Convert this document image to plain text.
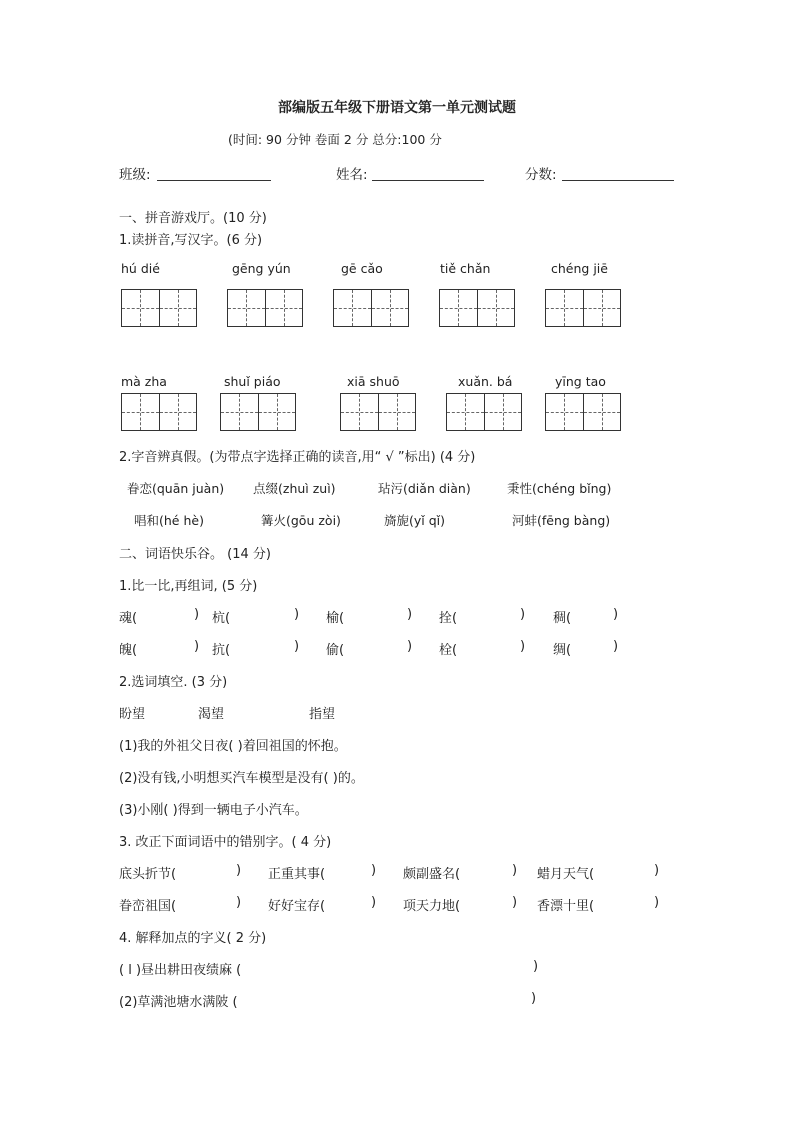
部编版五年级下册语文第一单元测试题
(时间: 90 分钟 卷面 2 分 总分:100 分
班级:	姓名:	分数:
一、拼音游戏厅。(10 分)
1.读拼音,写汉字。(6 分)
hú dié	gēng yún	gē cǎo	tiě chǎn	chéng jiē
mà zha	shuǐ piáo	xiā shuō	xuǎn. bá	yīng tao
2.字音辨真假。(为带点字选择正确的读音,用“ √ ”标出) (4 分)
眷恋(quān juàn) 点缀(zhuì zuì)	玷污(diǎn diàn)	秉性(chéng bǐng)
唱和(hé hè)	篝火(gōu zòi)	旖旎(yǐ qǐ)	河蚌(fēng bàng)
二、词语快乐谷。 (14 分)
1.比一比,再组词, (5 分)
魂(	) 杭(	) 榆(	) 拴(	) 稠(	)
魄(	) 抗(	) 偷(	) 栓(	) 绸(	)
2.选词填空. (3 分)
盼望	渴望	指望
(1)我的外祖父日夜( )着回祖国的怀抱。
(2)没有钱,小明想买汽车模型是没有( )的。
(3)小刚( )得到一辆电子小汽车。
3. 改正下面词语中的错别字。( 4 分)
底头折节(	) 正重其事(	) 颇副盛名(	) 蜡月天气(	)
眷峦祖国(	) 好好宝存(	) 项天力地(	) 香漂十里(	)
4. 解释加点的字义( 2 分)
( l )昼出耕田夜绩麻 (	)
(2)草满池塘水满陂 (	)
